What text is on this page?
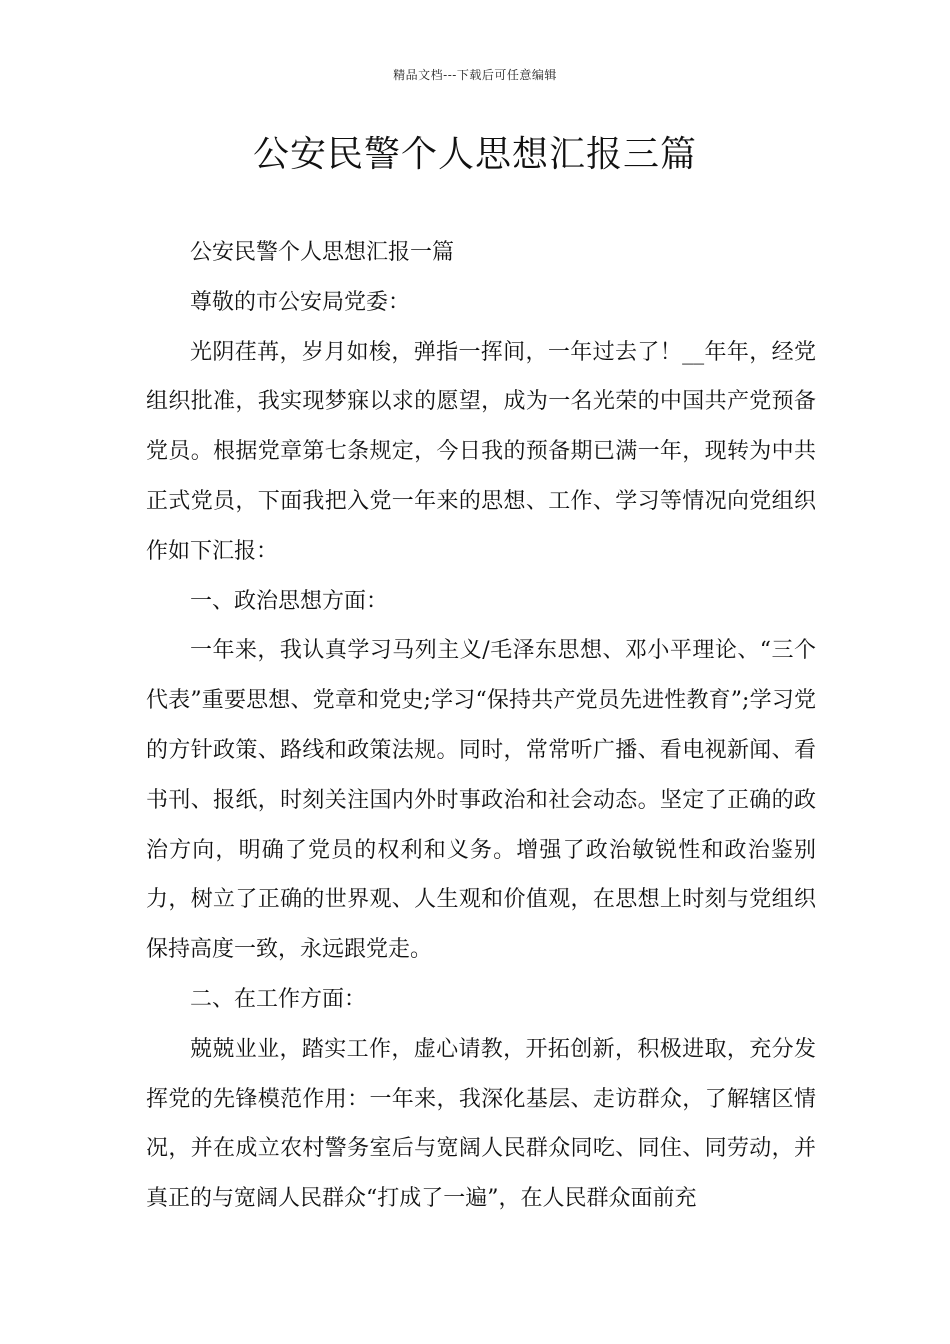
精品文档---下载后可任意编辑
公安民警个人思想汇报三篇

公安民警个人思想汇报一篇

尊敬的市公安局党委：

光阴荏苒，岁月如梭，弹指一挥间，一年过去了！__年年，经党组织批准，我实现梦寐以求的愿望，成为一名光荣的中国共产党预备党员。根据党章第七条规定，今日我的预备期已满一年，现转为中共正式党员，下面我把入党一年来的思想、工作、学习等情况向党组织作如下汇报：

一、政治思想方面：

一年来，我认真学习马列主义/毛泽东思想、邓小平理论、“三个代表”重要思想、党章和党史;学习“保持共产党员先进性教育”;学习党的方针政策、路线和政策法规。同时，常常听广播、看电视新闻、看书刊、报纸，时刻关注国内外时事政治和社会动态。坚定了正确的政治方向，明确了党员的权利和义务。增强了政治敏锐性和政治鉴别力，树立了正确的世界观、人生观和价值观，在思想上时刻与党组织保持高度一致，永远跟党走。

二、在工作方面：

兢兢业业，踏实工作，虚心请教，开拓创新，积极进取，充分发挥党的先锋模范作用：一年来，我深化基层、走访群众，了解辖区情况，并在成立农村警务室后与宽阔人民群众同吃、同住、同劳动，并真正的与宽阔人民群众“打成了一遍”，在人民群众面前充
